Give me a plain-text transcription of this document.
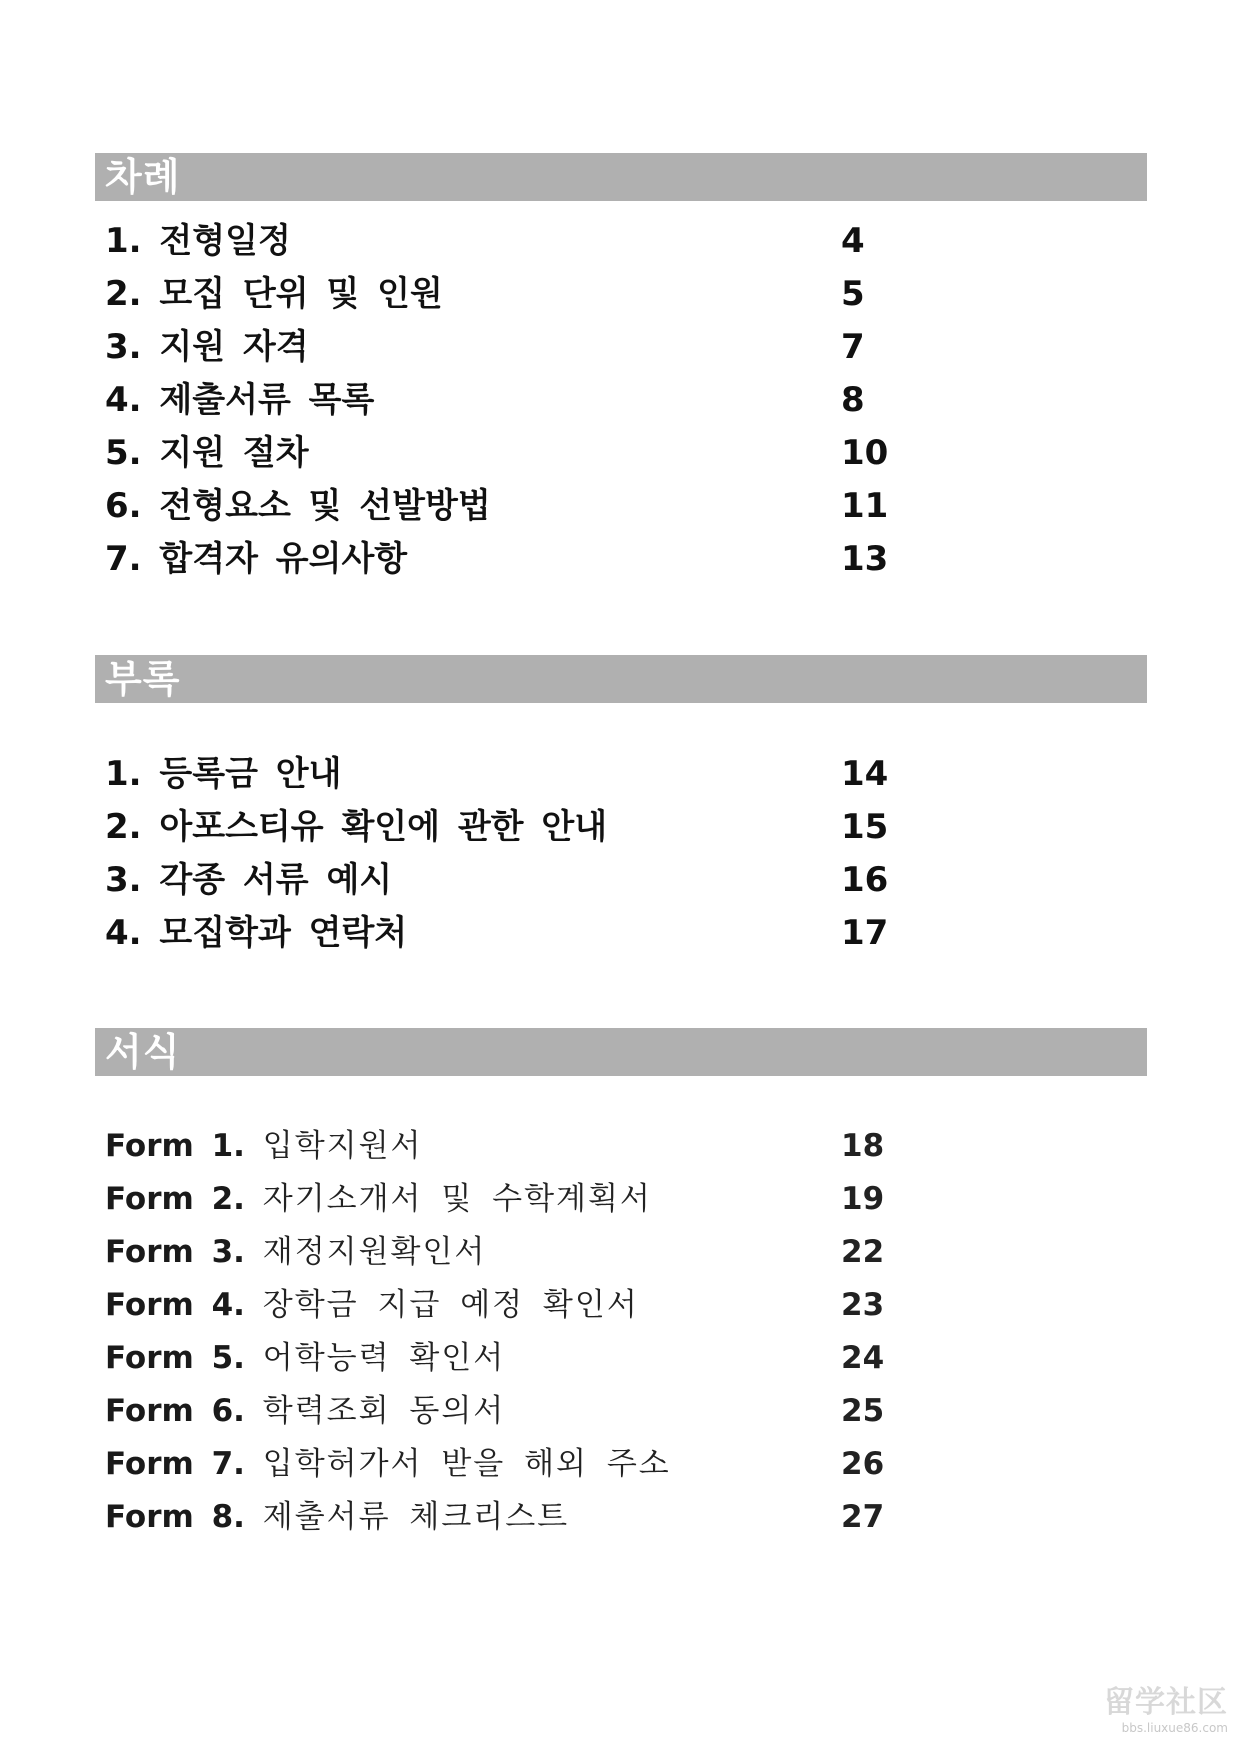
차례
1. 전형일정	4
2. 모집 단위 및 인원	5
3. 지원 자격	7
4. 제출서류 목록	8
5. 지원 절차	10
6. 전형요소 및 선발방법	11
7. 합격자 유의사항	13
부록
1. 등록금 안내	14
2. 아포스티유 확인에 관한 안내	15
3. 각종 서류 예시	16
4. 모집학과 연락처	17
서식
Form 1. 입학지원서	18
Form 2. 자기소개서 및 수학계획서	19
Form 3. 재정지원확인서	22
Form 4. 장학금 지급 예정 확인서	23
Form 5. 어학능력 확인서	24
Form 6. 학력조회 동의서	25
Form 7. 입학허가서 받을 해외 주소	26
Form 8. 제출서류 체크리스트	27
留学社区
bbs.liuxue86.com
